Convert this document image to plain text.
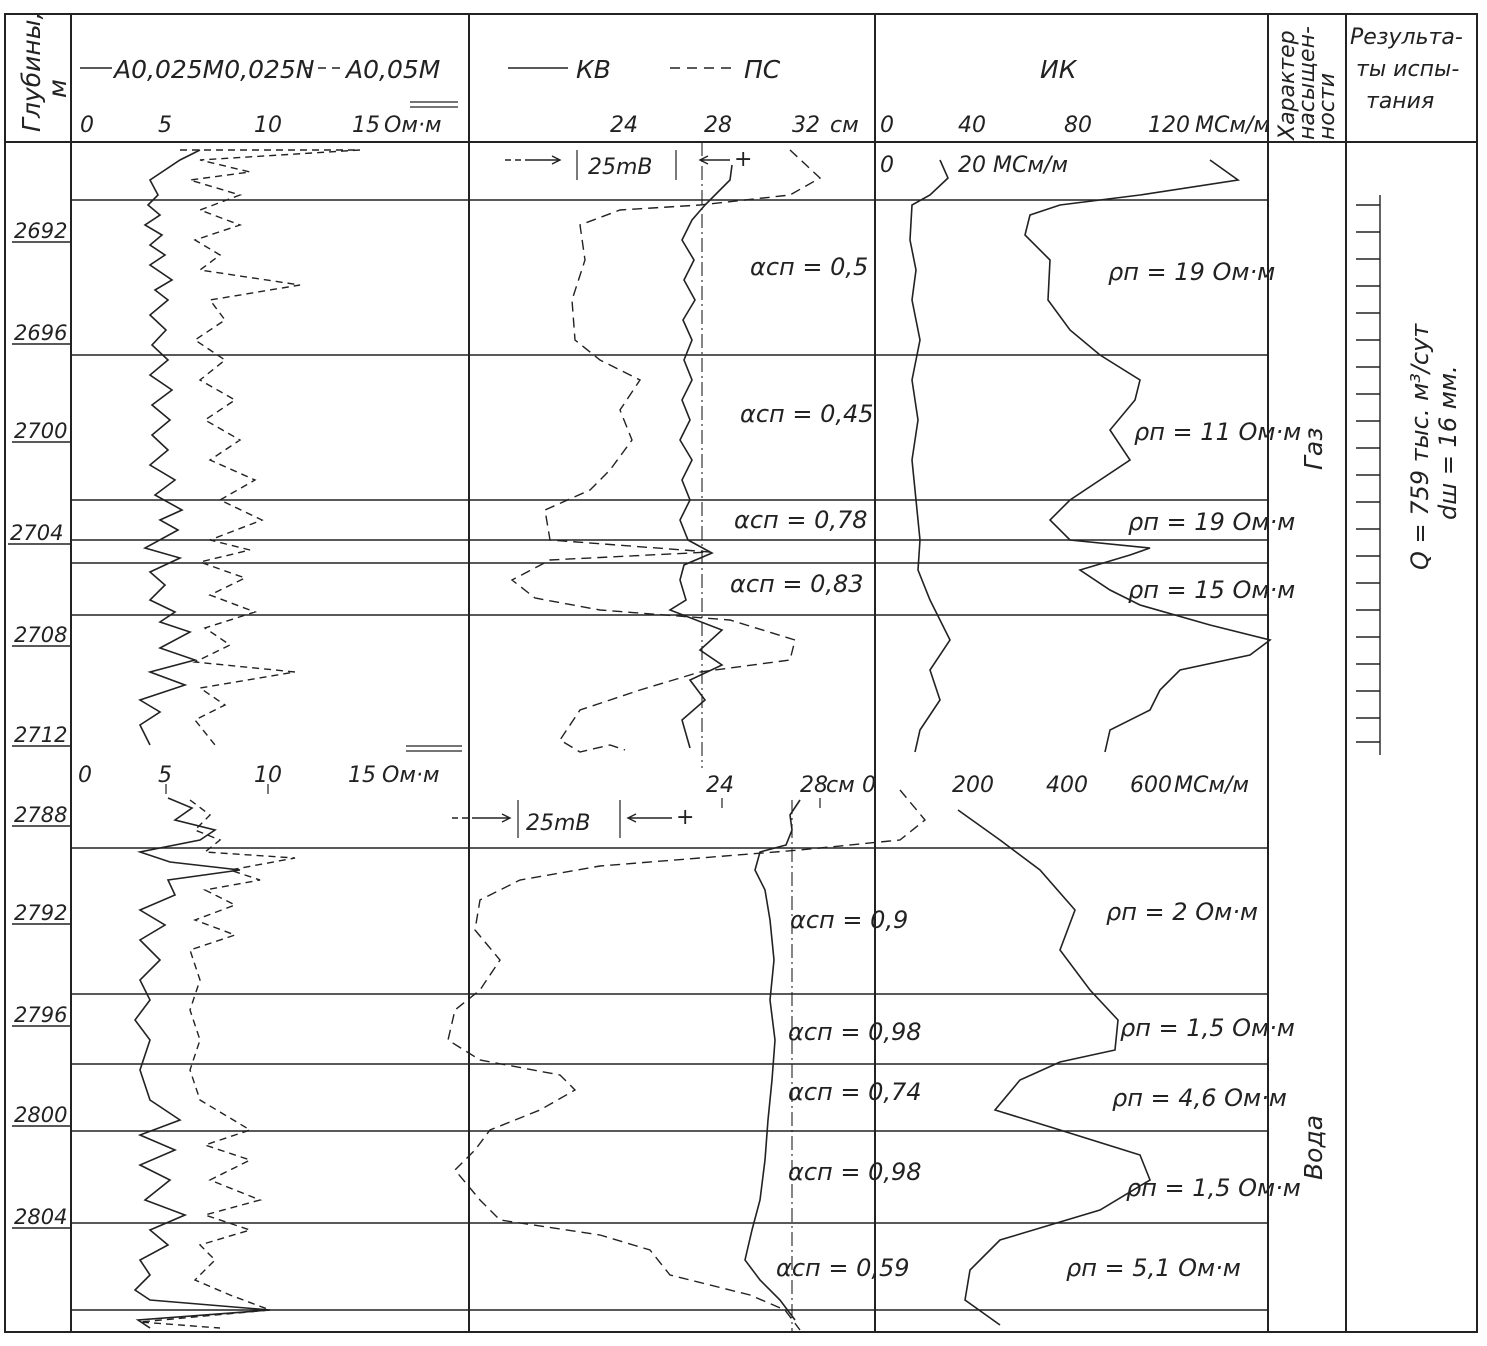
Глубины,
м
A0,025M0,025N A0,05M	КВ	ПС	ИК	Характер
насыщен-
ности
Результа-
ты испы-
тания
0	5	10	15 Ом·м	24	28	32 см 0	40	80	120 МСм/м
2692
2696
2700
2704
2708
2712
25mВ	+	0	20 МСм/м
αсп = 0,5
αсп = 0,45
αсп = 0,78
αсп = 0,83
ρп = 19 Ом·м
ρп = 11 Ом·м
ρп = 19 Ом·м
ρп = 15 Ом·м
Газ	Q = 759 тыс. м³/сут dш = 16 мм.
0	5	10	15 Ом·м	24	28
см 0	200 400 600 МСм/м
25mВ	+
2788
2792
2796
2800
2804
αсп = 0,9
αсп = 0,98
αсп = 0,74
αсп = 0,98
αсп = 0,59
ρп = 2 Ом·м
ρп = 1,5 Ом·м
ρп = 4,6 Ом·м
ρп = 1,5 Ом·м
ρп = 5,1 Ом·м
Вода
